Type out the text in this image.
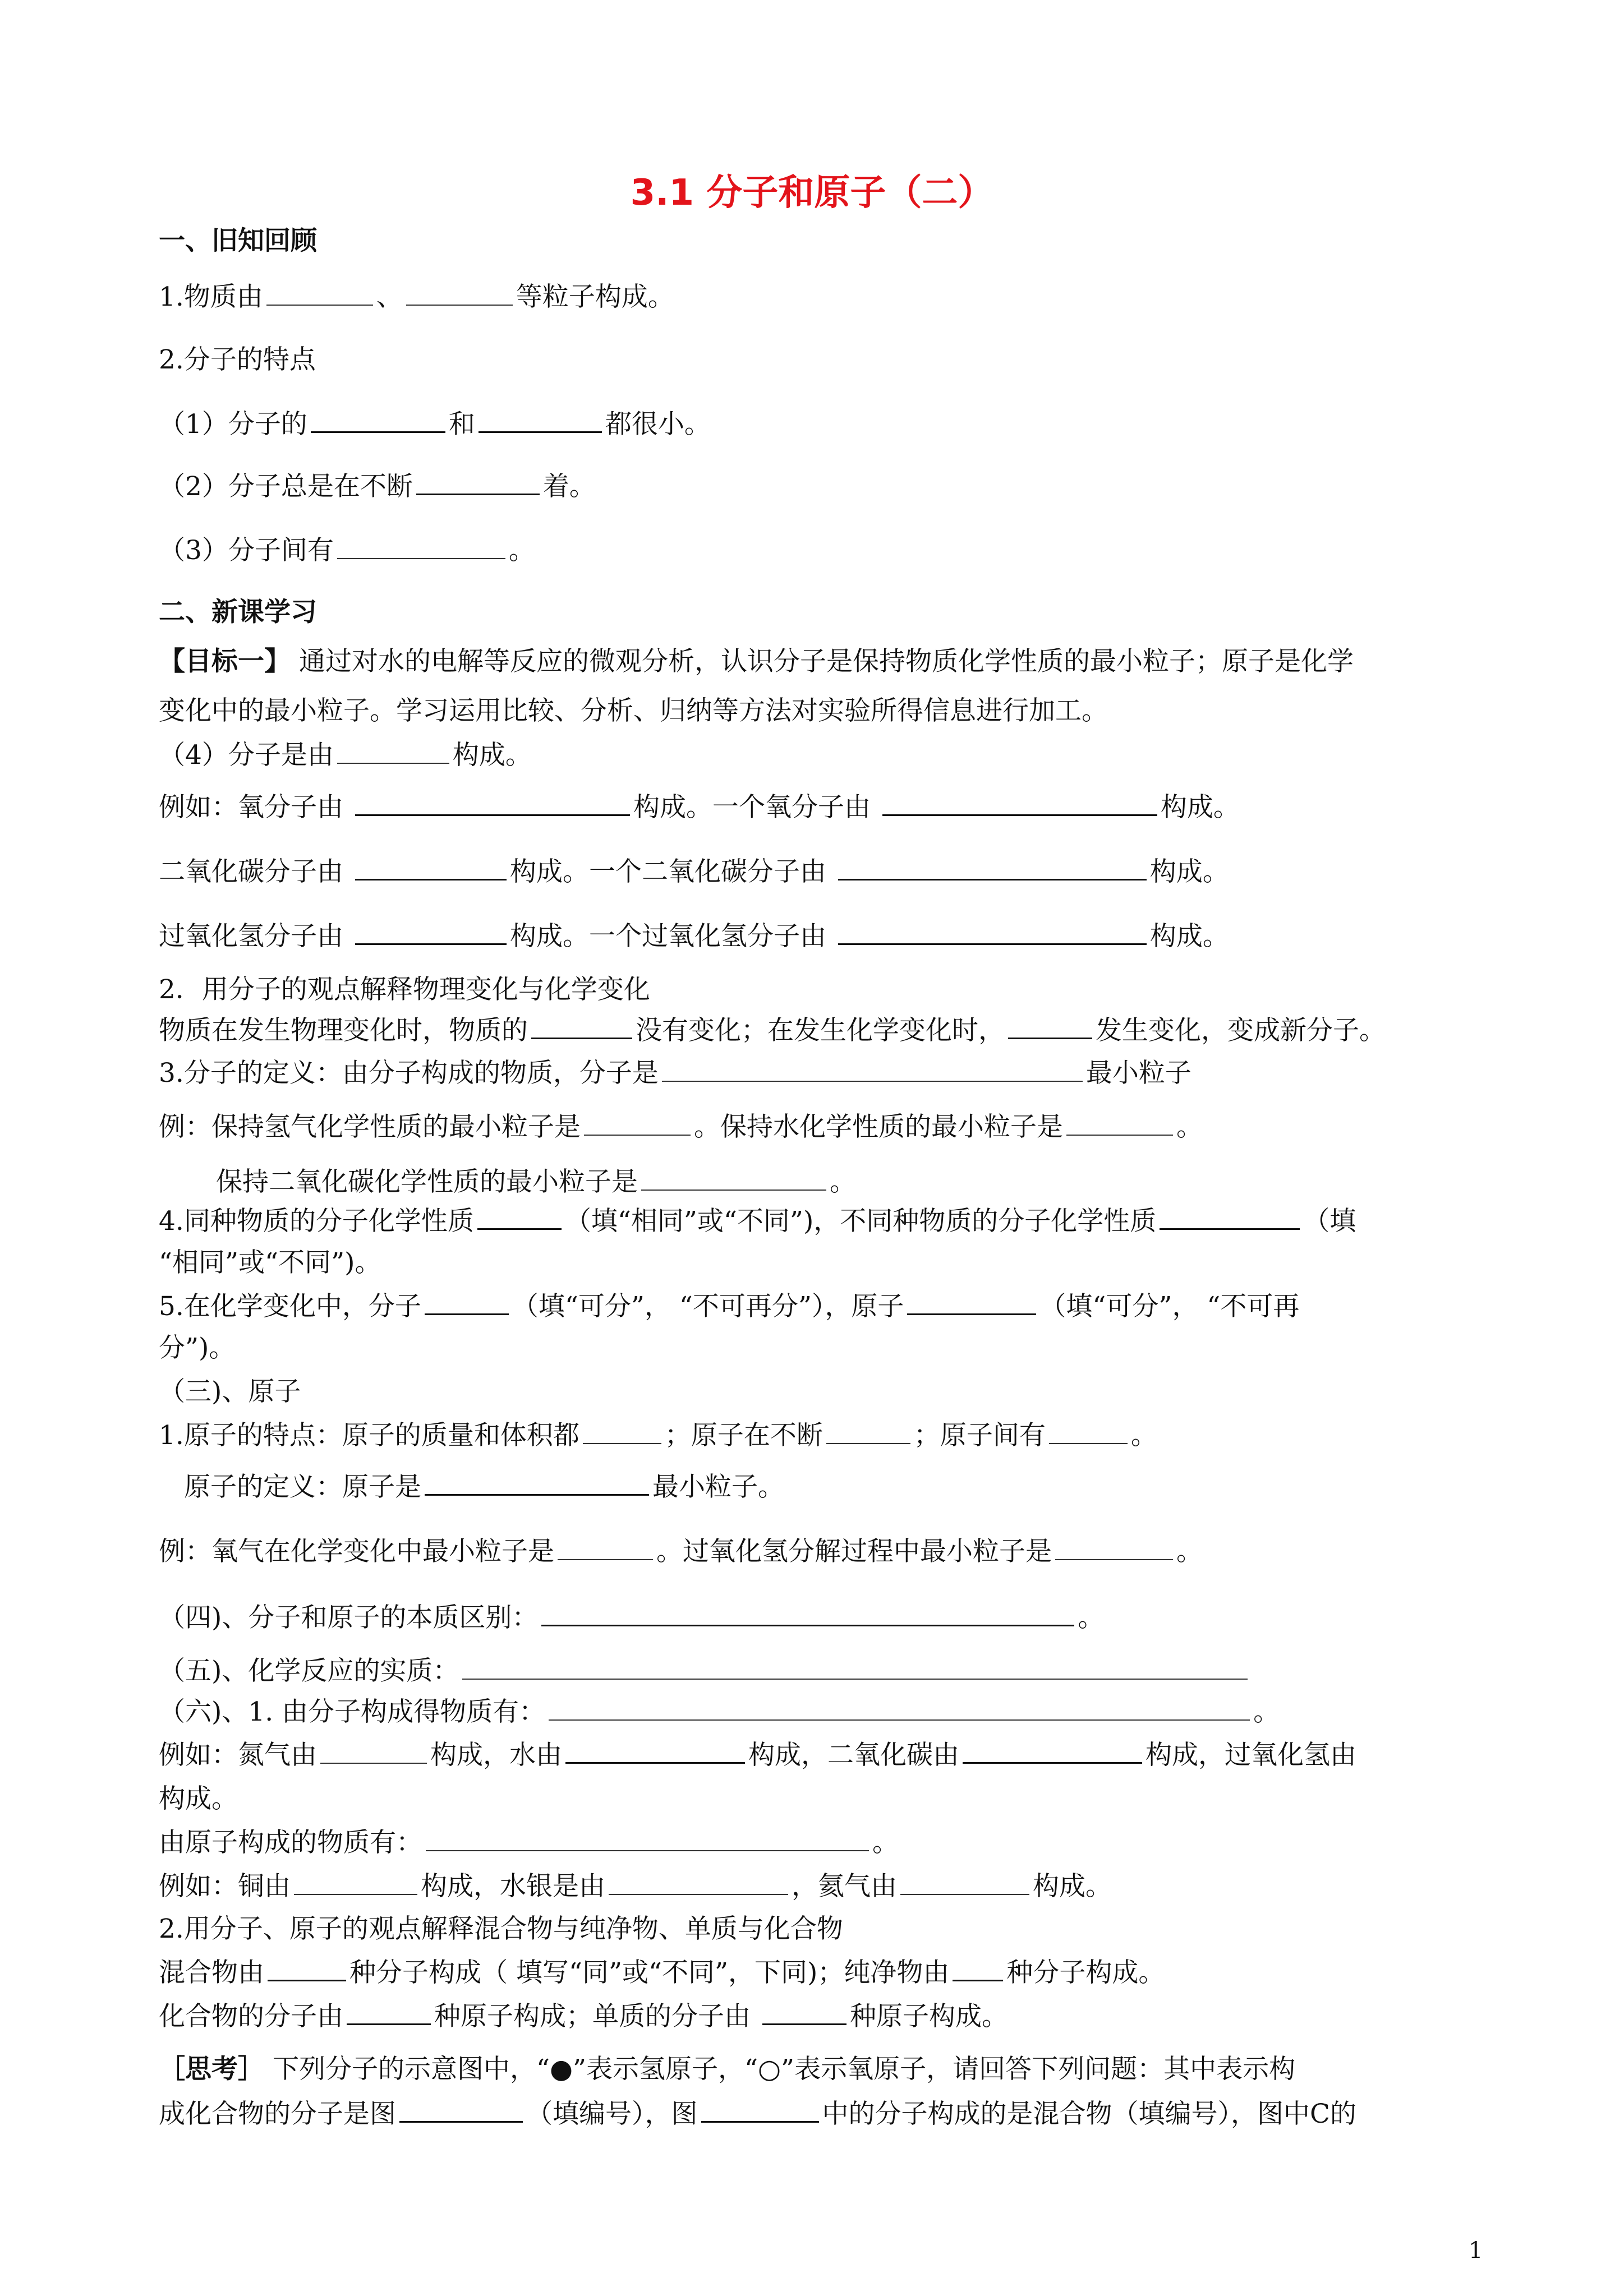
3.1 分子和原子（二）
一、旧知回顾
1.物质由	、	等粒子构成。
2.分子的特点
（1）分子的	和	都很小。
（2）分子总是在不断	着。
（3）分子间有	。
二、新课学习
【目标一】 通过对水的电解等反应的微观分析，认识分子是保持物质化学性质的最小粒子；原子是化学
变化中的最小粒子。学习运用比较、分析、归纳等方法对实验所得信息进行加工。
（4）分子是由	构成。
例如：氧分子由	构成。一个氧分子由	构成。
二氧化碳分子由	构成。一个二氧化碳分子由	构成。
过氧化氢分子由	构成。一个过氧化氢分子由	构成。
2．用分子的观点解释物理变化与化学变化
物质在发生物理变化时，物质的	没有变化；在发生化学变化时，	发生变化，变成新分子。
3.分子的定义：由分子构成的物质，分子是	最小粒子
例：保持氢气化学性质的最小粒子是	。保持水化学性质的最小粒子是	。
保持二氧化碳化学性质的最小粒子是	。
4.同种物质的分子化学性质	（填“相同”或“不同”)，不同种物质的分子化学性质	（填
“相同”或“不同”)。
5.在化学变化中，分子	（填“可分”， “不可再分”），原子	（填“可分”， “不可再
分”)。
（三)、原子
1.原子的特点：原子的质量和体积都	；原子在不断	；原子间有	。
原子的定义：原子是	最小粒子。
例：氧气在化学变化中最小粒子是	。过氧化氢分解过程中最小粒子是	。
（四)、分子和原子的本质区别：	。
（五)、化学反应的实质：
（六)、1. 由分子构成得物质有：	。
例如：氮气由	构成，水由	构成，二氧化碳由	构成，过氧化氢由
构成。
由原子构成的物质有：	。
例如：铜由	构成，水银是由	，氦气由	构成。
2.用分子、原子的观点解释混合物与纯净物、单质与化合物
混合物由	种分子构成（ 填写“同”或“不同”，下同)；纯净物由 种分子构成。
化合物的分子由	种原子构成；单质的分子由	种原子构成。
［思考］ 下列分子的示意图中，“●”表示氢原子，“○”表示氧原子，请回答下列问题：其中表示构
成化合物的分子是图	（填编号），图	中的分子构成的是混合物（填编号），图中C的
1
